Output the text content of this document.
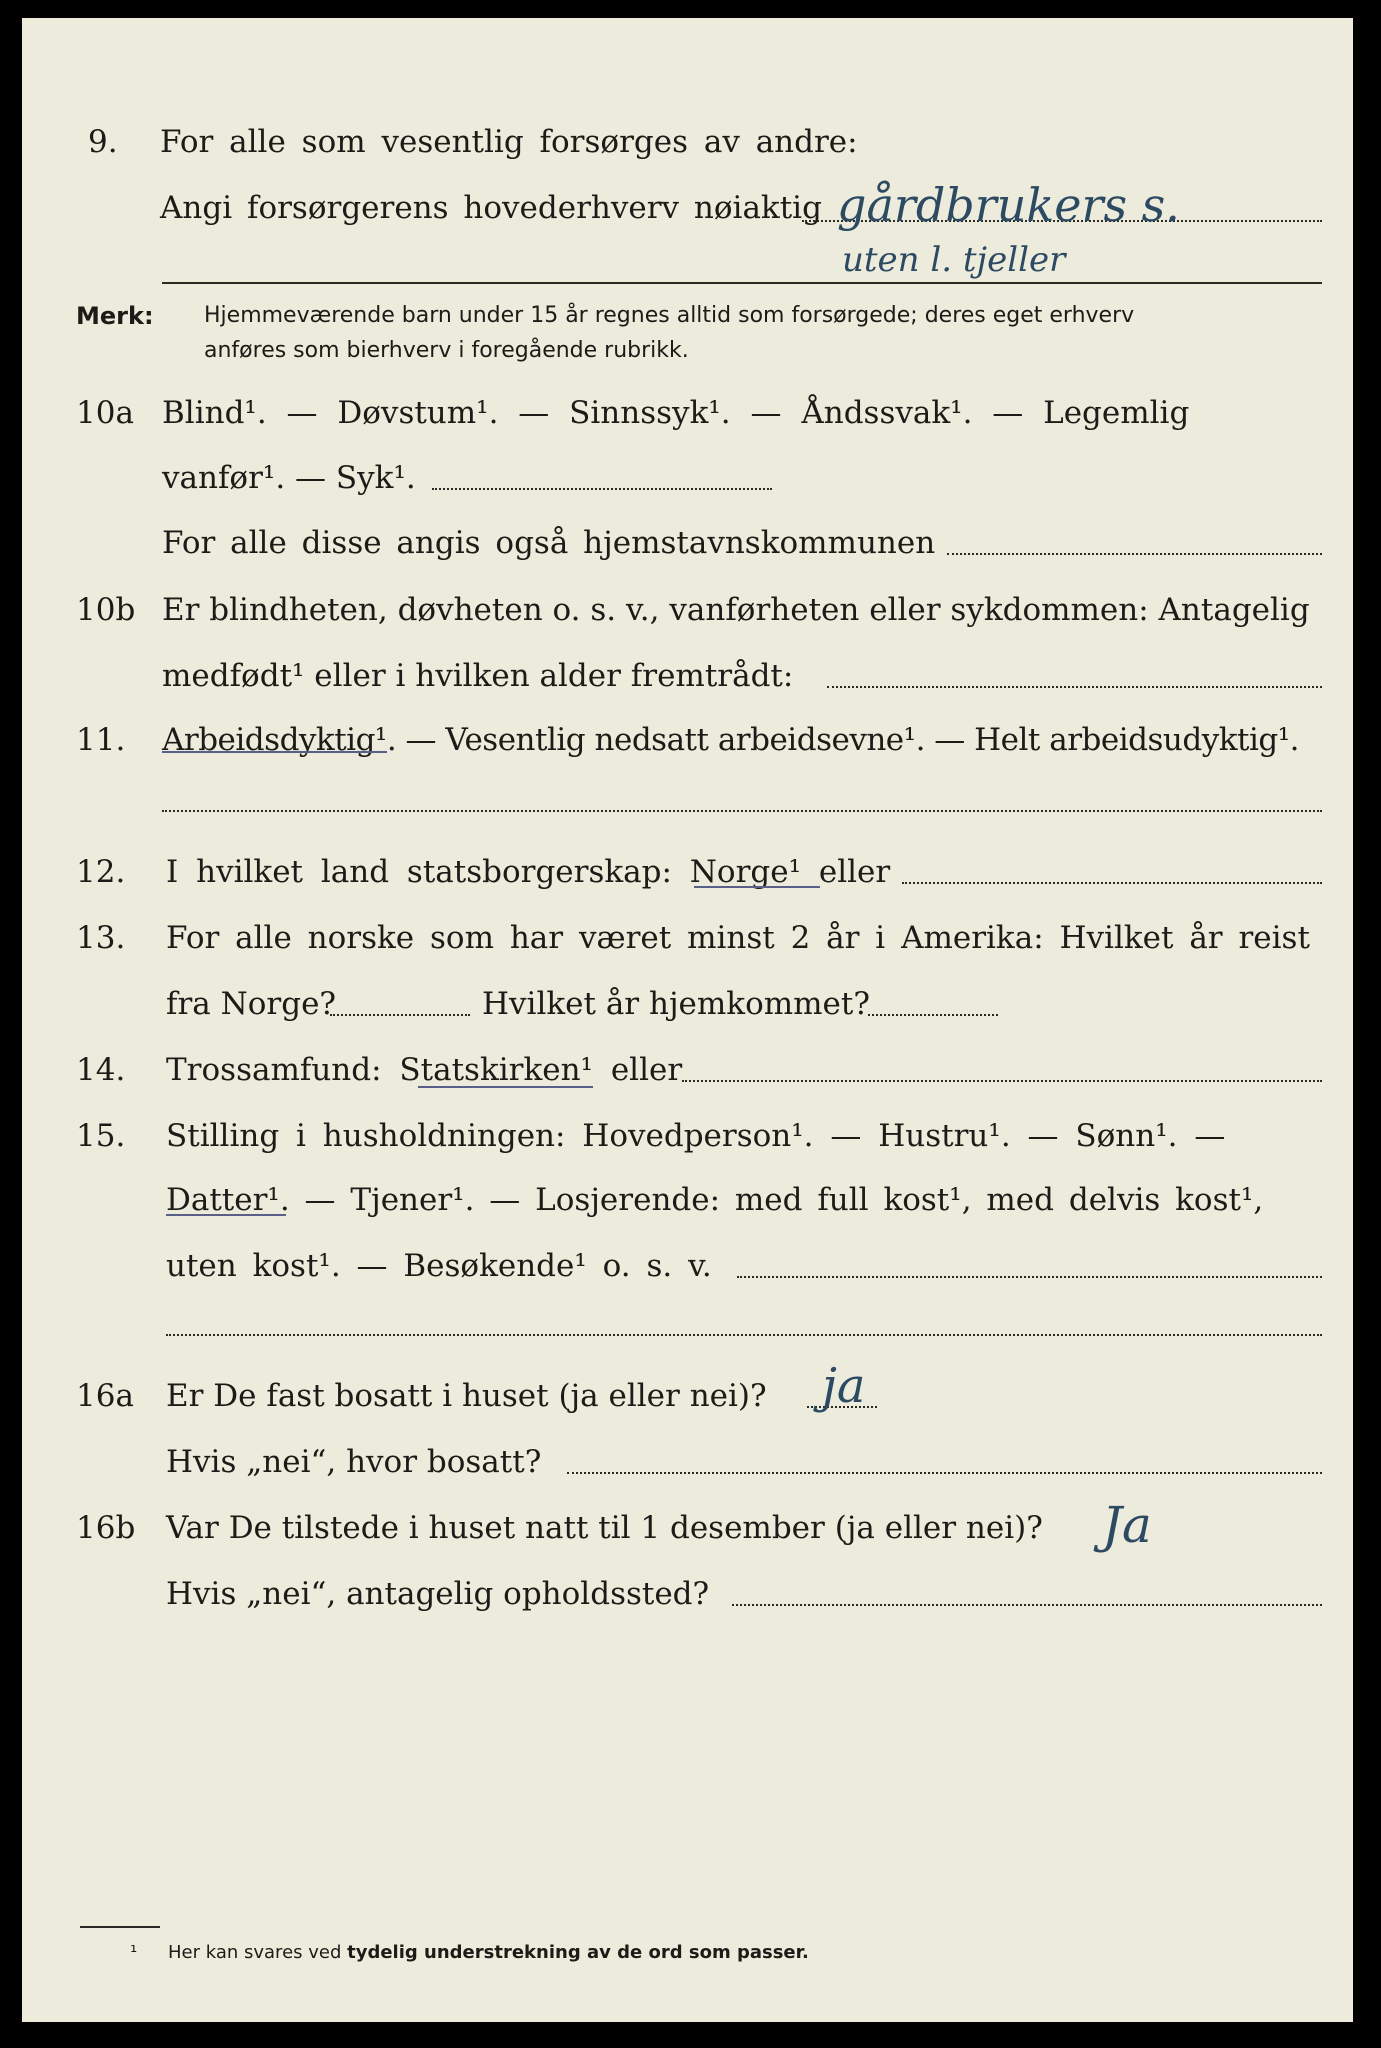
9. For alle som vesentlig forsørges av andre:
Angi forsørgerens hovederhverv nøiaktig gårdbrukers s.
uten l. tjeller
Merk: Hjemmeværende barn under 15 år regnes alltid som forsørgede; deres eget erhverv
anføres som bierhverv i foregående rubrikk.
10a Blind¹. — Døvstum¹. — Sinnssyk¹. — Åndssvak¹. — Legemlig
vanfør¹. — Syk¹.
For alle disse angis også hjemstavnskommunen
10b Er blindheten, døvheten o. s. v., vanførheten eller sykdommen: Antagelig
medfødt¹ eller i hvilken alder fremtrådt:
11. Arbeidsdyktig¹. — Vesentlig nedsatt arbeidsevne¹. — Helt arbeidsudyktig¹.
12. I hvilket land statsborgerskap: Norge¹ eller
13. For alle norske som har været minst 2 år i Amerika: Hvilket år reist
fra Norge?	Hvilket år hjemkommet?
14. Trossamfund: Statskirken¹ eller
15. Stilling i husholdningen: Hovedperson¹. — Hustru¹. — Sønn¹. —
Datter¹. — Tjener¹. — Losjerende: med full kost¹, med delvis kost¹,
uten kost¹. — Besøkende¹ o. s. v.
16a Er De fast bosatt i huset (ja eller nei)? ja
Hvis „nei“, hvor bosatt?
16b Var De tilstede i huset natt til 1 desember (ja eller nei)? Ja
Hvis „nei“, antagelig opholdssted?
¹ Her kan svares ved tydelig understrekning av de ord som passer.
